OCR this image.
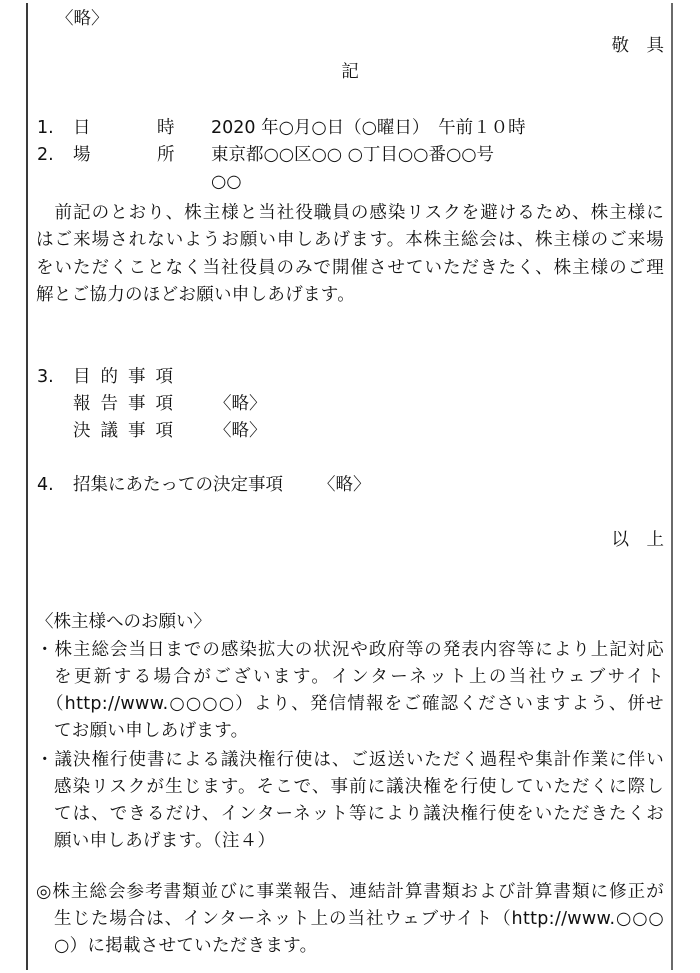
〈略〉
敬　具
記
1. 日	時 2020 年○月○日（○曜日）　午前１０時
2. 場	所 東京都○○区○○ ○丁目○○番○○号
○○
　前記のとおり、株主様と当社役職員の感染リスクを避けるため、株主様に
はご来場されないようお願い申しあげます。本株主総会は、株主様のご来場
をいただくことなく当社役員のみで開催させていただきたく、株主様のご理
解とご協力のほどお願い申しあげます。
3. 目的事項
報告事項 〈略〉
決議事項 〈略〉
4. 招集にあたっての決定事項 〈略〉
以　上
〈株主様へのお願い〉
・株主総会当日までの感染拡大の状況や政府等の発表内容等により上記対応
を更新する場合がございます。インターネット上の当社ウェブサイト
（http://www.○○○○）より、発信情報をご確認くださいますよう、併せ
てお願い申しあげます。
・議決権行使書による議決権行使は、ご返送いただく過程や集計作業に伴い
感染リスクが生じます。そこで、事前に議決権を行使していただくに際し
ては、できるだけ、インターネット等により議決権行使をいただきたくお
願い申しあげます。（注４）
◎株主総会参考書類並びに事業報告、連結計算書類および計算書類に修正が
生じた場合は、インターネット上の当社ウェブサイト（http://www.○○○
○）に掲載させていただきます。
